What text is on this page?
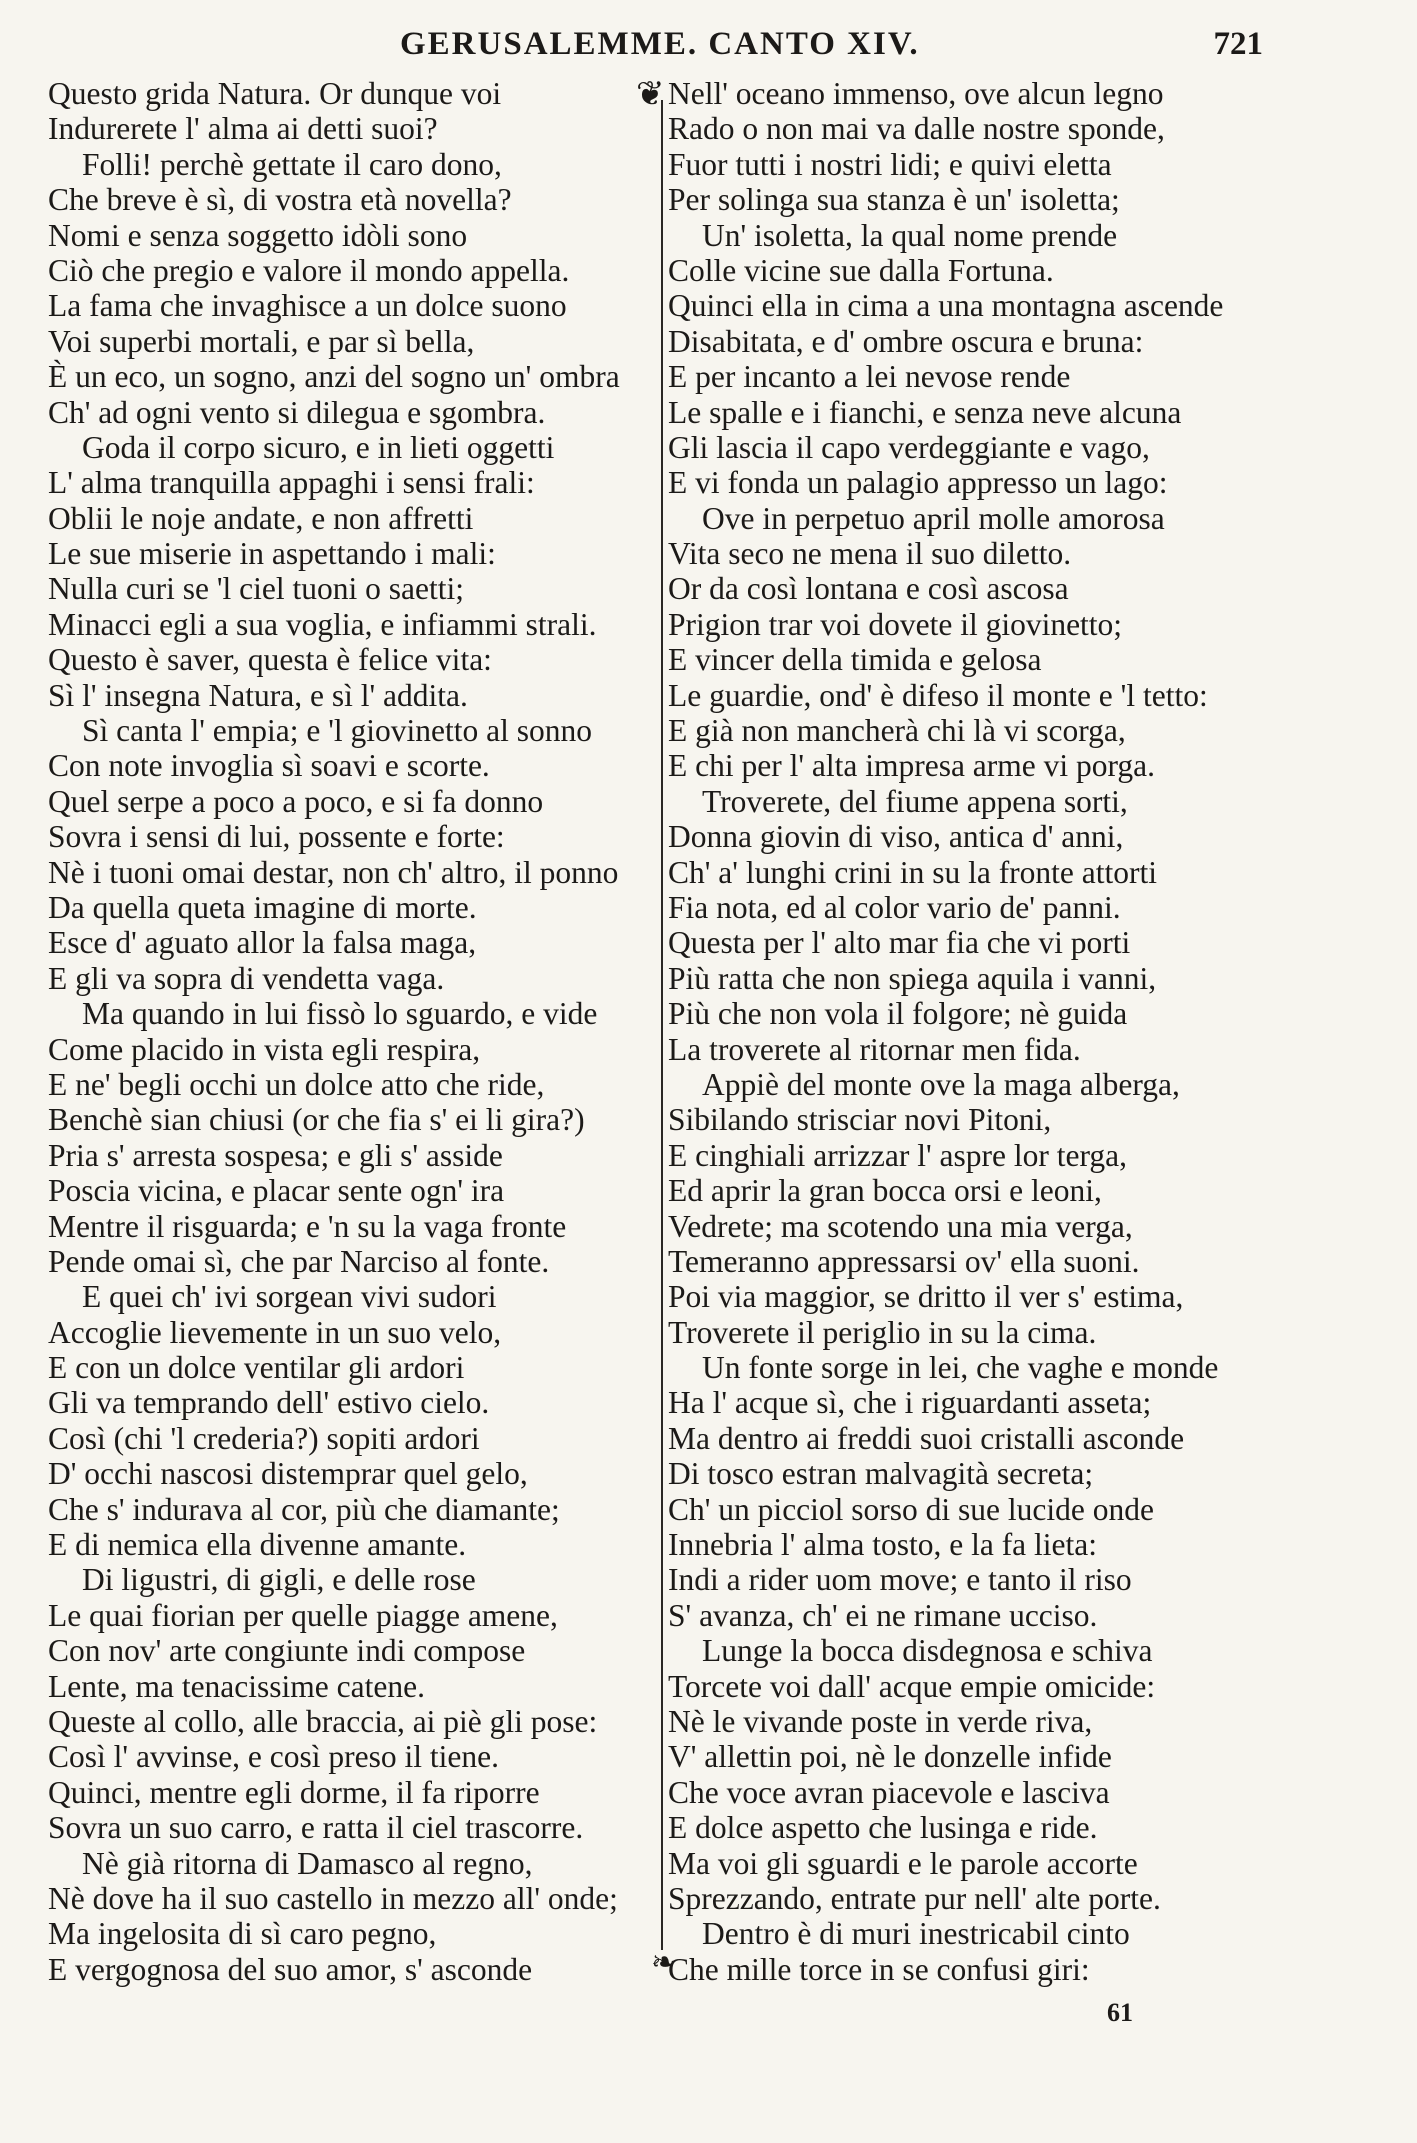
GERUSALEMME. CANTO XIV.	721
Questo grida Natura. Or dunque voi
Indurerete l' alma ai detti suoi?
Folli! perchè gettate il caro dono,
Che breve è sì, di vostra età novella?
Nomi e senza soggetto idòli sono
Ciò che pregio e valore il mondo appella.
La fama che invaghisce a un dolce suono
Voi superbi mortali, e par sì bella,
È un eco, un sogno, anzi del sogno un' ombra
Ch' ad ogni vento si dilegua e sgombra.
Goda il corpo sicuro, e in lieti oggetti
L' alma tranquilla appaghi i sensi frali:
Oblii le noje andate, e non affretti
Le sue miserie in aspettando i mali:
Nulla curi se 'l ciel tuoni o saetti;
Minacci egli a sua voglia, e infiammi strali.
Questo è saver, questa è felice vita:
Sì l' insegna Natura, e sì l' addita.
Sì canta l' empia; e 'l giovinetto al sonno
Con note invoglia sì soavi e scorte.
Quel serpe a poco a poco, e si fa donno
Sovra i sensi di lui, possente e forte:
Nè i tuoni omai destar, non ch' altro, il ponno
Da quella queta imagine di morte.
Esce d' aguato allor la falsa maga,
E gli va sopra di vendetta vaga.
Ma quando in lui fissò lo sguardo, e vide
Come placido in vista egli respira,
E ne' begli occhi un dolce atto che ride,
Benchè sian chiusi (or che fia s' ei li gira?)
Pria s' arresta sospesa; e gli s' asside
Poscia vicina, e placar sente ogn' ira
Mentre il risguarda; e 'n su la vaga fronte
Pende omai sì, che par Narciso al fonte.
E quei ch' ivi sorgean vivi sudori
Accoglie lievemente in un suo velo,
E con un dolce ventilar gli ardori
Gli va temprando dell' estivo cielo.
Così (chi 'l crederia?) sopiti ardori
D' occhi nascosi distemprar quel gelo,
Che s' indurava al cor, più che diamante;
E di nemica ella divenne amante.
Di ligustri, di gigli, e delle rose
Le quai fiorian per quelle piagge amene,
Con nov' arte congiunte indi compose
Lente, ma tenacissime catene.
Queste al collo, alle braccia, ai piè gli pose:
Così l' avvinse, e così preso il tiene.
Quinci, mentre egli dorme, il fa riporre
Sovra un suo carro, e ratta il ciel trascorre.
Nè già ritorna di Damasco al regno,
Nè dove ha il suo castello in mezzo all' onde;
Ma ingelosita di sì caro pegno,
E vergognosa del suo amor, s' asconde
❦
❧
Nell' oceano immenso, ove alcun legno
Rado o non mai va dalle nostre sponde,
Fuor tutti i nostri lidi; e quivi eletta
Per solinga sua stanza è un' isoletta;
Un' isoletta, la qual nome prende
Colle vicine sue dalla Fortuna.
Quinci ella in cima a una montagna ascende
Disabitata, e d' ombre oscura e bruna:
E per incanto a lei nevose rende
Le spalle e i fianchi, e senza neve alcuna
Gli lascia il capo verdeggiante e vago,
E vi fonda un palagio appresso un lago:
Ove in perpetuo april molle amorosa
Vita seco ne mena il suo diletto.
Or da così lontana e così ascosa
Prigion trar voi dovete il giovinetto;
E vincer della timida e gelosa
Le guardie, ond' è difeso il monte e 'l tetto:
E già non mancherà chi là vi scorga,
E chi per l' alta impresa arme vi porga.
Troverete, del fiume appena sorti,
Donna giovin di viso, antica d' anni,
Ch' a' lunghi crini in su la fronte attorti
Fia nota, ed al color vario de' panni.
Questa per l' alto mar fia che vi porti
Più ratta che non spiega aquila i vanni,
Più che non vola il folgore; nè guida
La troverete al ritornar men fida.
Appiè del monte ove la maga alberga,
Sibilando strisciar novi Pitoni,
E cinghiali arrizzar l' aspre lor terga,
Ed aprir la gran bocca orsi e leoni,
Vedrete; ma scotendo una mia verga,
Temeranno appressarsi ov' ella suoni.
Poi via maggior, se dritto il ver s' estima,
Troverete il periglio in su la cima.
Un fonte sorge in lei, che vaghe e monde
Ha l' acque sì, che i riguardanti asseta;
Ma dentro ai freddi suoi cristalli asconde
Di tosco estran malvagità secreta;
Ch' un picciol sorso di sue lucide onde
Innebria l' alma tosto, e la fa lieta:
Indi a rider uom move; e tanto il riso
S' avanza, ch' ei ne rimane ucciso.
Lunge la bocca disdegnosa e schiva
Torcete voi dall' acque empie omicide:
Nè le vivande poste in verde riva,
V' allettin poi, nè le donzelle infide
Che voce avran piacevole e lasciva
E dolce aspetto che lusinga e ride.
Ma voi gli sguardi e le parole accorte
Sprezzando, entrate pur nell' alte porte.
Dentro è di muri inestricabil cinto
Che mille torce in se confusi giri:
61
